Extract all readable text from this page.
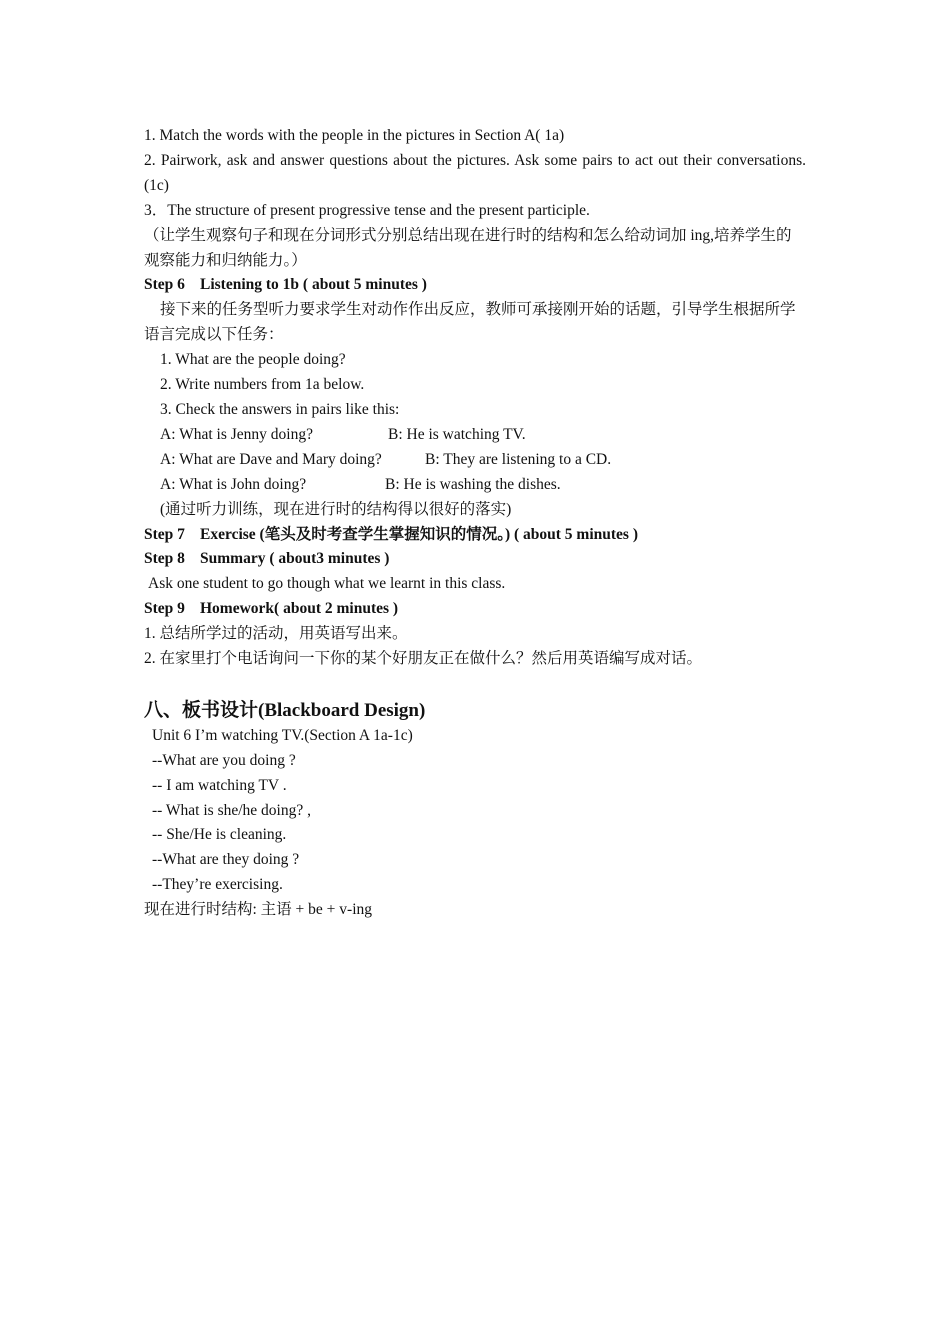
1. Match the words with the people in the pictures in Section A( 1a)
2. Pairwork, ask and answer questions about the pictures. Ask some pairs to act out their conversations.(1c)
3．The structure of present progressive tense and the present participle.
（让学生观察句子和现在分词形式分别总结出现在进行时的结构和怎么给动词加 ing,培养学生的观察能力和归纳能力。）
Step 6 Listening to 1b ( about 5 minutes )
接下来的任务型听力要求学生对动作作出反应，教师可承接刚开始的话题，引导学生根据所学语言完成以下任务：
1. What are the people doing?
2. Write numbers from 1a below.
3. Check the answers in pairs like this:
A: What is Jenny doing?	B: He is watching TV.
A: What are Dave and Mary doing?	B: They are listening to a CD.
A: What is John doing?	B: He is washing the dishes.
(通过听力训练，现在进行时的结构得以很好的落实)
Step 7 Exercise (笔头及时考查学生掌握知识的情况。) ( about 5 minutes )
Step 8 Summary ( about3 minutes )
Ask one student to go though what we learnt in this class.
Step 9 Homework( about 2 minutes )
1. 总结所学过的活动，用英语写出来。
2. 在家里打个电话询问一下你的某个好朋友正在做什么？然后用英语编写成对话。
八、板书设计(Blackboard Design)
Unit 6 I’m watching TV.(Section A 1a-1c)
--What are you doing ?
-- I am watching TV .
-- What is she/he doing? ,
-- She/He is cleaning.
--What are they doing ?
--They’re exercising.
现在进行时结构: 主语 + be + v-ing
